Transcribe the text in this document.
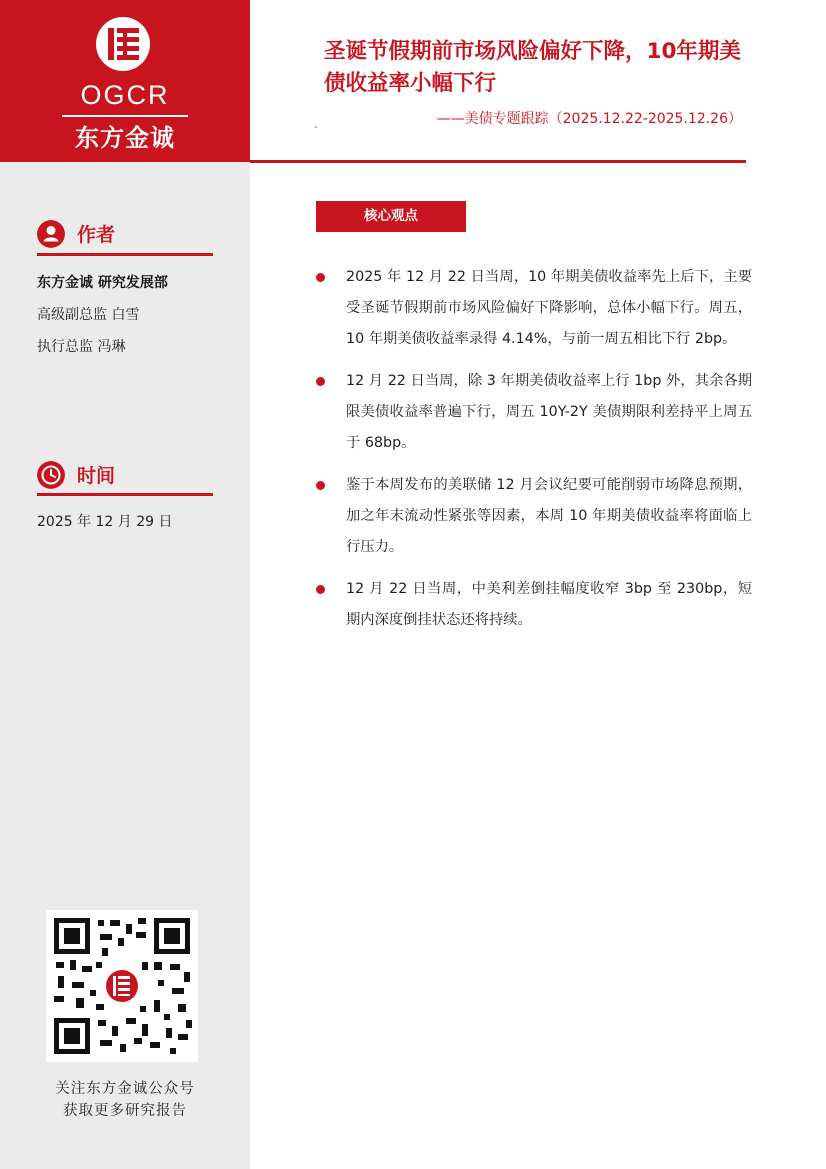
OGCR
东方金诚
作者
东方金诚 研究发展部
高级副总监 白雪
执行总监 冯琳
时间
2025 年 12 月 29 日
关注东方金诚公众号
获取更多研究报告
圣诞节假期前市场风险偏好下降，10年期美债收益率小幅下行
——美债专题跟踪（2025.12.22-2025.12.26）
-
核心观点

2025 年 12 月 22 日当周，10 年期美债收益率先上后下，主要受圣诞节假期前市场风险偏好下降影响，总体小幅下行。周五，10 年期美债收益率录得 4.14%，与前一周五相比下行 2bp。

12 月 22 日当周，除 3 年期美债收益率上行 1bp 外，其余各期限美债收益率普遍下行，周五 10Y-2Y 美债期限利差持平上周五于 68bp。

鉴于本周发布的美联储 12 月会议纪要可能削弱市场降息预期，加之年末流动性紧张等因素，本周 10 年期美债收益率将面临上行压力。

12 月 22 日当周，中美利差倒挂幅度收窄 3bp 至 230bp，短期内深度倒挂状态还将持续。
